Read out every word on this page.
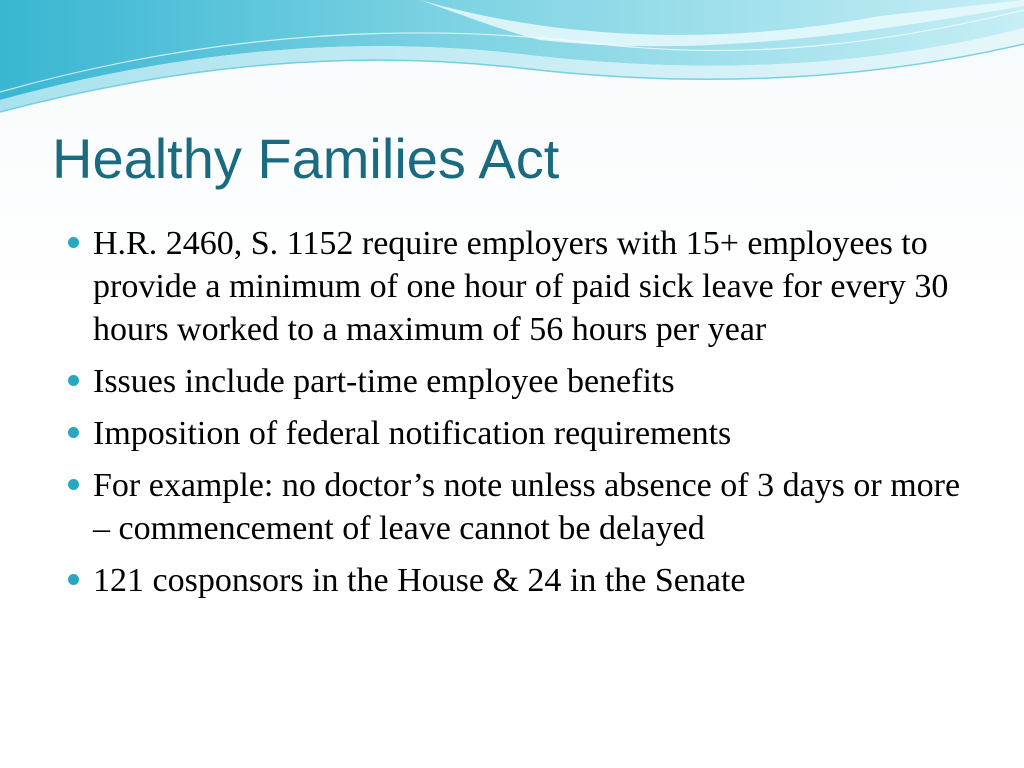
Healthy Families Act
H.R. 2460, S. 1152 require employers with 15+ employees to provide a minimum of one hour of paid sick leave for every 30 hours worked to a maximum of 56 hours per year
Issues include part-time employee benefits
Imposition of federal notification requirements
For example: no doctor’s note unless absence of 3 days or more – commencement of leave cannot be delayed
121 cosponsors in the House & 24 in the Senate
